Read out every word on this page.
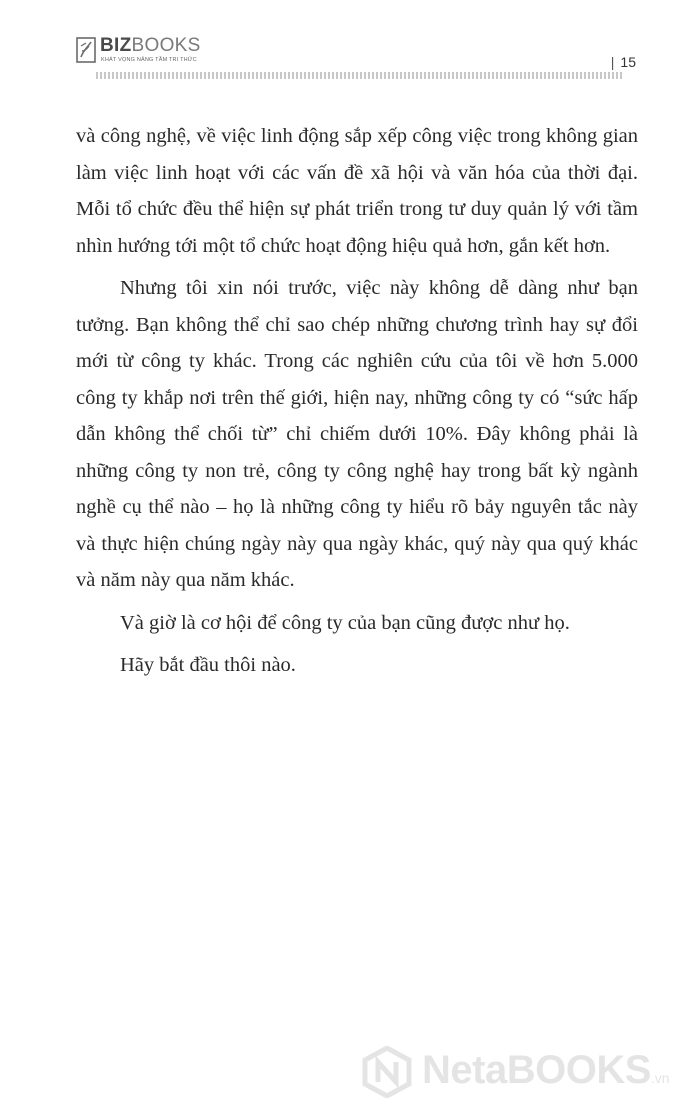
BIZBOOKS
KHÁT VỌNG NÂNG TẦM TRI THỨC	| 15

và công nghệ, về việc linh động sắp xếp công việc trong không gian làm việc linh hoạt với các vấn đề xã hội và văn hóa của thời đại. Mỗi tổ chức đều thể hiện sự phát triển trong tư duy quản lý với tầm nhìn hướng tới một tổ chức hoạt động hiệu quả hơn, gắn kết hơn.

Nhưng tôi xin nói trước, việc này không dễ dàng như bạn tưởng. Bạn không thể chỉ sao chép những chương trình hay sự đổi mới từ công ty khác. Trong các nghiên cứu của tôi về hơn 5.000 công ty khắp nơi trên thế giới, hiện nay, những công ty có “sức hấp dẫn không thể chối từ” chỉ chiếm dưới 10%. Đây không phải là những công ty non trẻ, công ty công nghệ hay trong bất kỳ ngành nghề cụ thể nào – họ là những công ty hiểu rõ bảy nguyên tắc này và thực hiện chúng ngày này qua ngày khác, quý này qua quý khác và năm này qua năm khác.

Và giờ là cơ hội để công ty của bạn cũng được như họ.

Hãy bắt đầu thôi nào.

NetaBOOKS.vn
